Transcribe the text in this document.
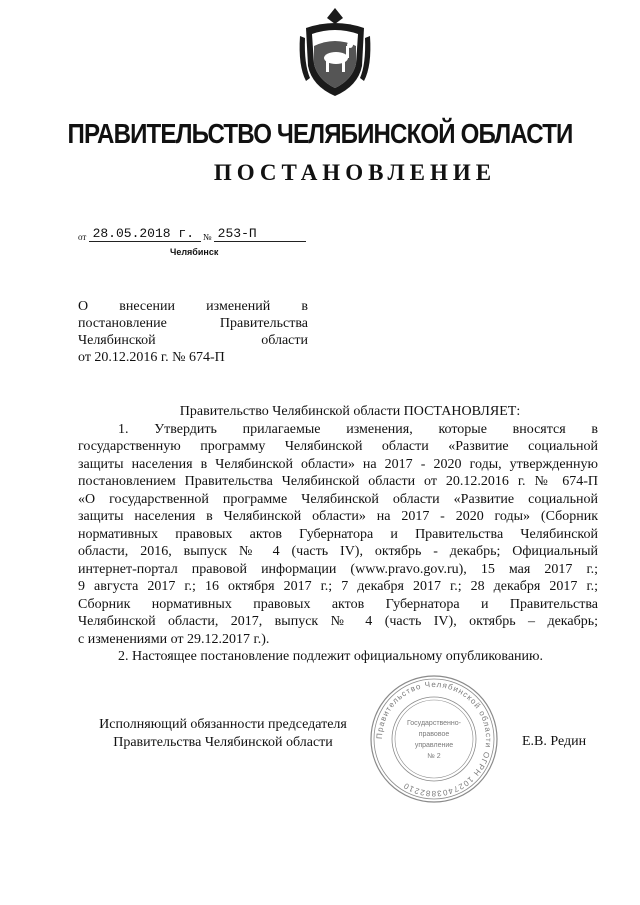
ПРАВИТЕЛЬСТВО ЧЕЛЯБИНСКОЙ ОБЛАСТИ
ПОСТАНОВЛЕНИЕ
от 28.05.2018 г. № 253-П
Челябинск
О внесении изменений в
постановление Правительства
Челябинской области
от 20.12.2016 г. № 674-П
Правительство Челябинской области ПОСТАНОВЛЯЕТ:
1. Утвердить прилагаемые изменения, которые вносятся в
государственную программу Челябинской области «Развитие социальной
защиты населения в Челябинской области» на 2017 - 2020 годы, утвержденную
постановлением Правительства Челябинской области от 20.12.2016 г. № 674-П
«О государственной программе Челябинской области «Развитие социальной
защиты населения в Челябинской области» на 2017 - 2020 годы» (Сборник
нормативных правовых актов Губернатора и Правительства Челябинской
области, 2016, выпуск № 4 (часть IV), октябрь - декабрь; Официальный
интернет-портал правовой информации (www.pravo.gov.ru), 15 мая 2017 г.;
9 августа 2017 г.; 16 октября 2017 г.; 7 декабря 2017 г.; 28 декабря 2017 г.;
Сборник нормативных правовых актов Губернатора и Правительства
Челябинской области, 2017, выпуск № 4 (часть IV), октябрь – декабрь;
с изменениями от 29.12.2017 г.).
2. Настоящее постановление подлежит официальному опубликованию.
Исполняющий обязанности председателя
Правительства Челябинской области	Е.В. Редин
Правительство Челябинской области ОГРН 1027403882210
Государственно-
правовое
управление
№ 2
